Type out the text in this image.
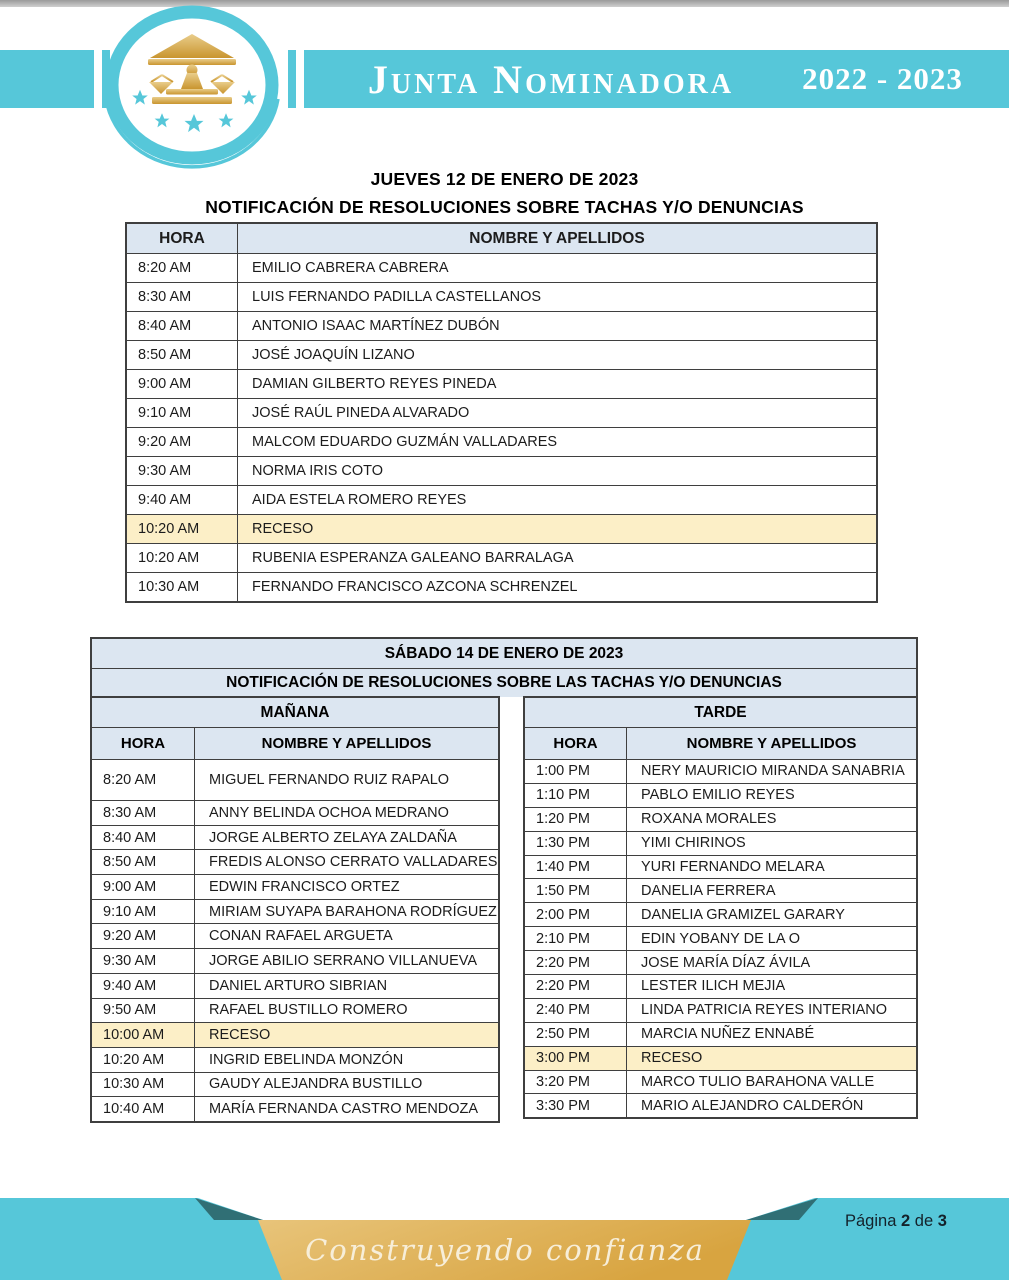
Junta Nominadora	2022 - 2023
JUEVES 12 DE ENERO DE 2023
NOTIFICACIÓN DE RESOLUCIONES SOBRE TACHAS Y/O DENUNCIAS
HORA	NOMBRE Y APELLIDOS
8:20 AM	EMILIO CABRERA CABRERA
8:30 AM	LUIS FERNANDO PADILLA CASTELLANOS
8:40 AM	ANTONIO ISAAC MARTÍNEZ DUBÓN
8:50 AM	JOSÉ JOAQUÍN LIZANO
9:00 AM	DAMIAN GILBERTO REYES PINEDA
9:10 AM	JOSÉ RAÚL PINEDA ALVARADO
9:20 AM	MALCOM EDUARDO GUZMÁN VALLADARES
9:30 AM	NORMA IRIS COTO
9:40 AM	AIDA ESTELA ROMERO REYES
10:20 AM	RECESO
10:20 AM	RUBENIA ESPERANZA GALEANO BARRALAGA
10:30 AM	FERNANDO FRANCISCO AZCONA SCHRENZEL
SÁBADO 14 DE ENERO DE 2023
NOTIFICACIÓN DE RESOLUCIONES SOBRE LAS TACHAS Y/O DENUNCIAS
MAÑANA
HORA	NOMBRE Y APELLIDOS
8:20 AM	MIGUEL FERNANDO RUIZ RAPALO
8:30 AM	ANNY BELINDA OCHOA MEDRANO
8:40 AM	JORGE ALBERTO ZELAYA ZALDAÑA
8:50 AM	FREDIS ALONSO CERRATO VALLADARES
9:00 AM	EDWIN FRANCISCO ORTEZ
9:10 AM	MIRIAM SUYAPA BARAHONA RODRÍGUEZ
9:20 AM	CONAN RAFAEL ARGUETA
9:30 AM	JORGE ABILIO SERRANO VILLANUEVA
9:40 AM	DANIEL ARTURO SIBRIAN
9:50 AM	RAFAEL BUSTILLO ROMERO
10:00 AM	RECESO
10:20 AM	INGRID EBELINDA MONZÓN
10:30 AM	GAUDY ALEJANDRA BUSTILLO
10:40 AM	MARÍA FERNANDA CASTRO MENDOZA
TARDE
HORA	NOMBRE Y APELLIDOS
1:00 PM	NERY MAURICIO MIRANDA SANABRIA
1:10 PM	PABLO EMILIO REYES
1:20 PM	ROXANA MORALES
1:30 PM	YIMI CHIRINOS
1:40 PM	YURI FERNANDO MELARA
1:50 PM	DANELIA FERRERA
2:00 PM	DANELIA GRAMIZEL GARARY
2:10 PM	EDIN YOBANY DE LA O
2:20 PM	JOSE MARÍA DÍAZ ÁVILA
2:20 PM	LESTER ILICH MEJIA
2:40 PM	LINDA PATRICIA REYES INTERIANO
2:50 PM	MARCIA NUÑEZ ENNABÉ
3:00 PM	RECESO
3:20 PM	MARCO TULIO BARAHONA VALLE
3:30 PM	MARIO ALEJANDRO CALDERÓN
Construyendo confianza
Página 2 de 3
